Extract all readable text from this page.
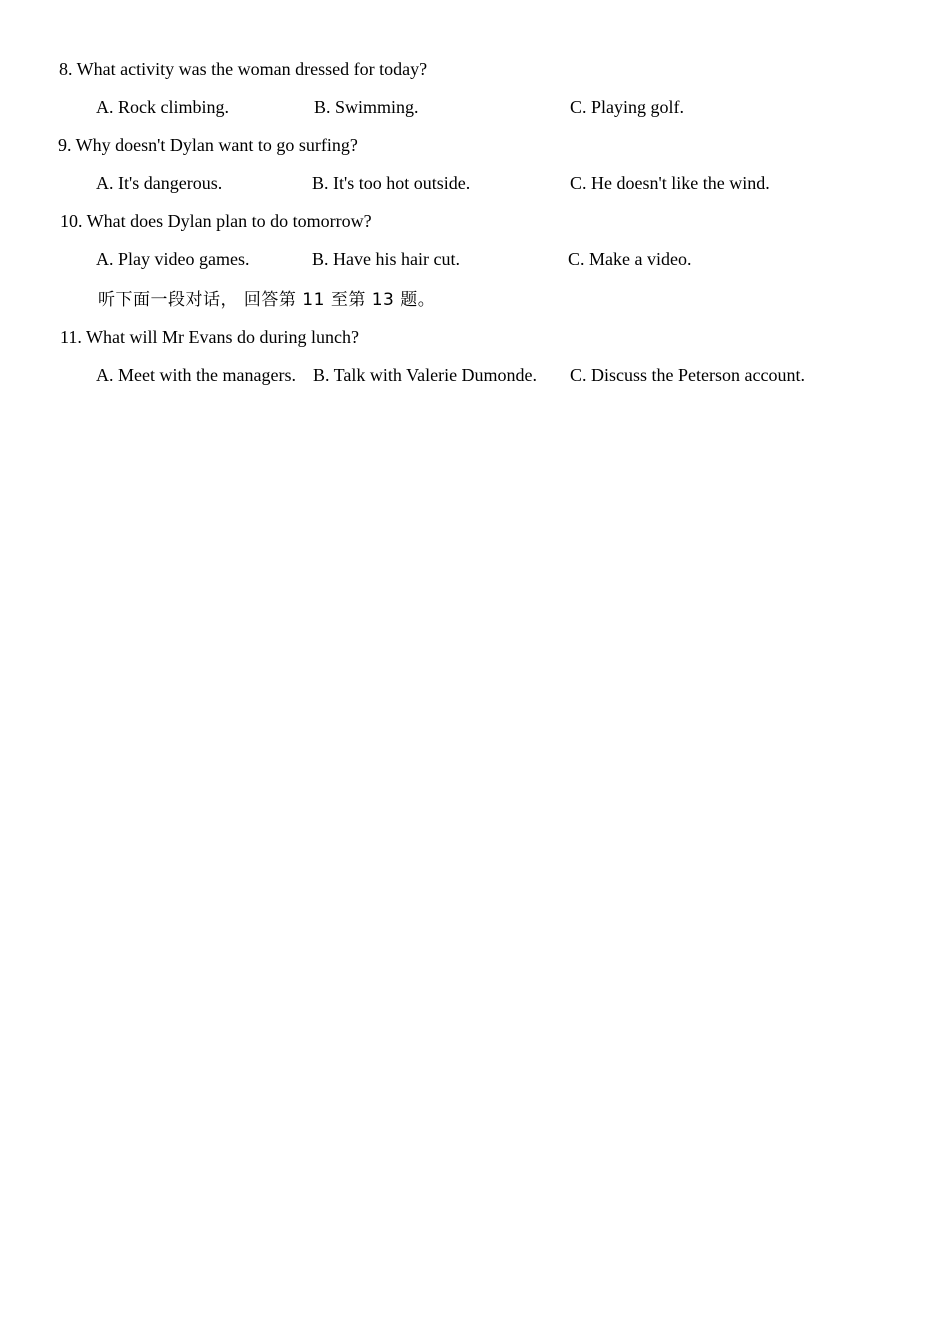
8. What activity was the woman dressed for today?
A. Rock climbing.	B. Swimming.	C. Playing golf.
9. Why doesn't Dylan want to go surfing?
A. It's dangerous.	B. It's too hot outside.	C. He doesn't like the wind.
10. What does Dylan plan to do tomorrow?
A. Play video games.	B. Have his hair cut.	C. Make a video.
听下面一段对话， 回答第 11 至第 13 题。
11. What will Mr Evans do during lunch?
A. Meet with the managers. B. Talk with Valerie Dumonde. C. Discuss the Peterson account.
